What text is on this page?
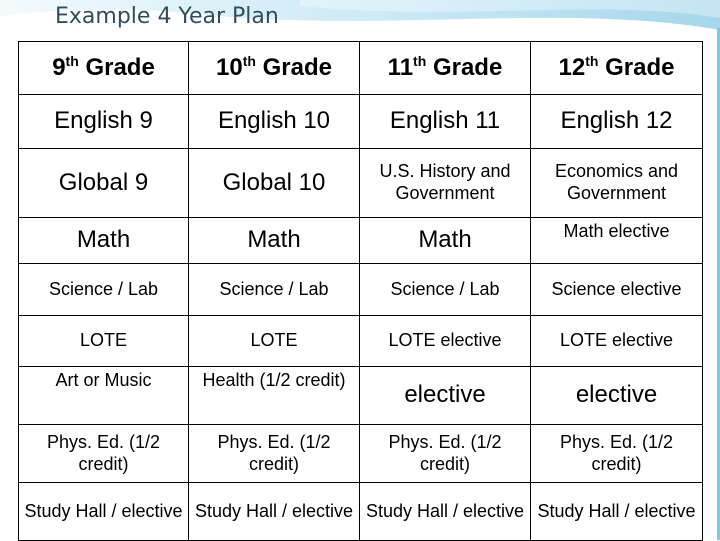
Example 4 Year Plan
9th Grade	10th Grade	11th Grade	12th Grade
English 9	English 10	English 11	English 12
Global 9	Global 10	U.S. History and Government	Economics and Government
Math	Math	Math	Math elective
Science / Lab	Science / Lab	Science / Lab	Science elective
LOTE	LOTE	LOTE elective	LOTE elective
Art or Music	Health (1/2 credit)	elective	elective
Phys. Ed. (1/2 credit)	Phys. Ed. (1/2 credit)	Phys. Ed. (1/2 credit)	Phys. Ed. (1/2 credit)
Study Hall / elective	Study Hall / elective	Study Hall / elective	Study Hall / elective
